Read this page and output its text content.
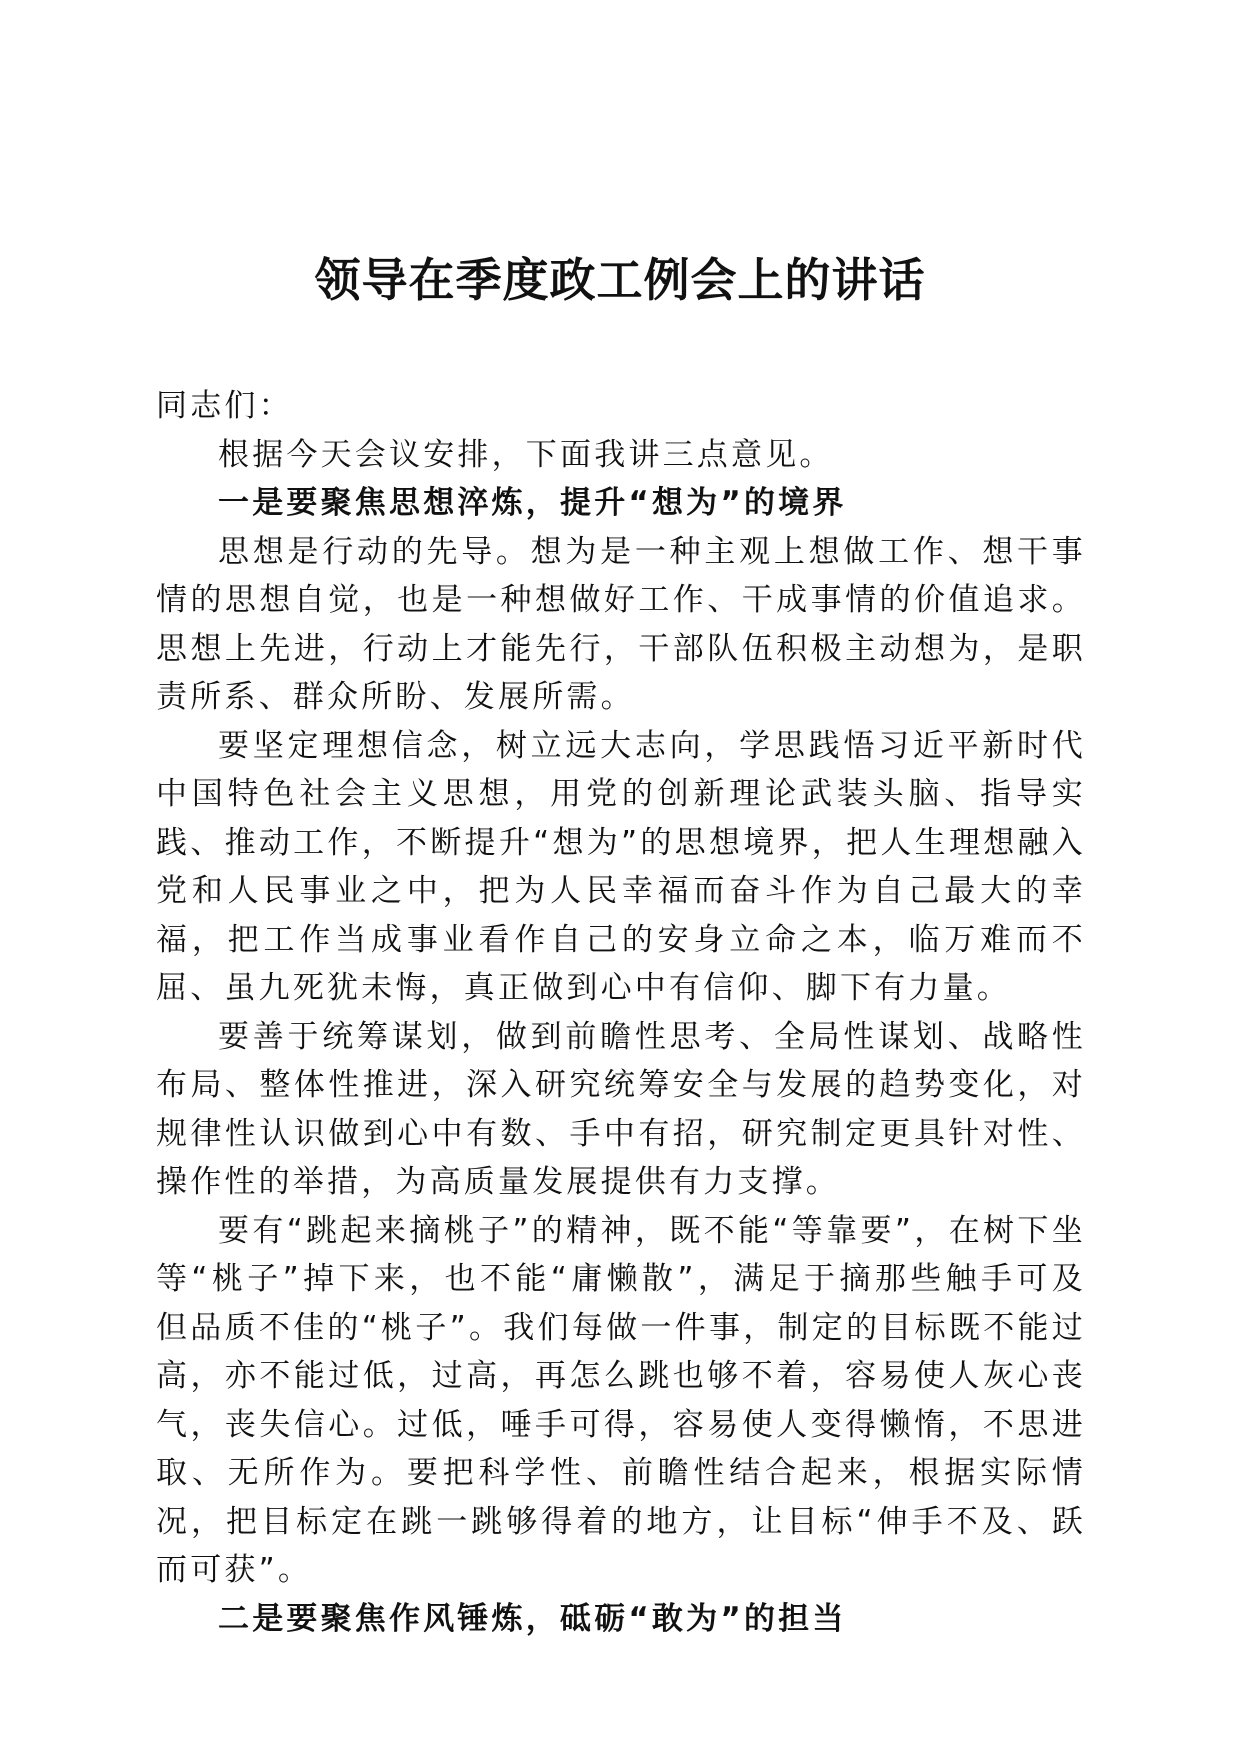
领导在季度政工例会上的讲话

同志们：

根据今天会议安排，下面我讲三点意见。

一是要聚焦思想淬炼，提升“想为”的境界

思想是行动的先导。想为是一种主观上想做工作、想干事情的思想自觉，也是一种想做好工作、干成事情的价值追求。思想上先进，行动上才能先行，干部队伍积极主动想为，是职责所系、群众所盼、发展所需。

要坚定理想信念，树立远大志向，学思践悟习近平新时代中国特色社会主义思想，用党的创新理论武装头脑、指导实践、推动工作，不断提升“想为”的思想境界，把人生理想融入党和人民事业之中，把为人民幸福而奋斗作为自己最大的幸福，把工作当成事业看作自己的安身立命之本，临万难而不屈、虽九死犹未悔，真正做到心中有信仰、脚下有力量。

要善于统筹谋划，做到前瞻性思考、全局性谋划、战略性布局、整体性推进，深入研究统筹安全与发展的趋势变化，对规律性认识做到心中有数、手中有招，研究制定更具针对性、操作性的举措，为高质量发展提供有力支撑。

要有“跳起来摘桃子”的精神，既不能“等靠要”，在树下坐等“桃子”掉下来，也不能“庸懒散”，满足于摘那些触手可及但品质不佳的“桃子”。我们每做一件事，制定的目标既不能过高，亦不能过低，过高，再怎么跳也够不着，容易使人灰心丧气，丧失信心。过低，唾手可得，容易使人变得懒惰，不思进取、无所作为。要把科学性、前瞻性结合起来，根据实际情况，把目标定在跳一跳够得着的地方，让目标“伸手不及、跃而可获”。

二是要聚焦作风锤炼，砥砺“敢为”的担当
